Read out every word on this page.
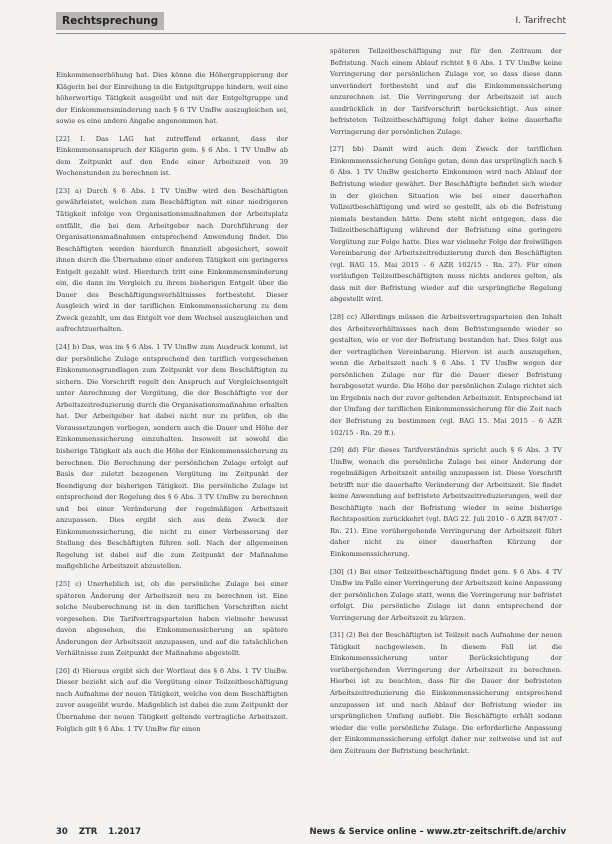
Rechtsprechung	I. Tarifrecht

Einkommenserhöhung hat. Dies könne die Höhergruppierung der Klägerin bei der Einreihung in die Entgeltgruppe hindern, weil eine höherwertige Tätigkeit ausgeübt und mit der Entgeltgruppe und der Einkommensminderung nach § 6 TV UmBw auszugleichen sei, sowie es eine andere Angabe angenommen hat.

[22] I. Das LAG hat zutreffend erkannt, dass der Einkommensanspruch der Klägerin gem. § 6 Abs. 1 TV UmBw ab dem Zeitpunkt auf den Ende einer Arbeitszeit von 39 Wochenstunden zu berechnen ist.

[23] a) Durch § 6 Abs. 1 TV UmBw wird den Beschäftigten gewährleistet, welchen zum Beschäftigten mit einer niedrigeren Tätigkeit infolge von Organisationsmaßnahmen der Arbeitsplatz entfällt, die bei dem Arbeitgeber nach Durchführung der Organisationsmaßnahmen entsprechend Anwendung findet. Die Beschäftigten werden hierdurch finanziell abgesichert, soweit ihnen durch die Übernahme einer anderen Tätigkeit ein geringeres Entgelt gezahlt wird. Hierdurch tritt eine Einkommensminderung ein, die dann im Vergleich zu ihrem bisherigen Entgelt über die Dauer des Beschäftigungsverhältnisses fortbesteht. Dieser Ausgleich wird in der tariflichen Einkommenssicherung zu dem Zweck gezahlt, um das Entgelt vor dem Wechsel auszugleichen und aufrechtzuerhalten.

[24] b) Das, was im § 6 Abs. 1 TV UmBw zum Ausdruck kommt, ist der persönliche Zulage entsprechend den tariflich vorgesehenen Einkommensgrundlagen zum Zeitpunkt vor dem Beschäftigten zu sichern. Die Vorschrift regelt den Anspruch auf Vergleichsentgelt unter Anrechnung der Vergütung, die der Beschäftigte vor der Arbeitszeitreduzierung durch die Organisationsmaßnahme erhalten hat. Der Arbeitgeber hat dabei nicht nur zu prüfen, ob die Voraussetzungen vorliegen, sondern auch die Dauer und Höhe der Einkommenssicherung einzuhalten. Insoweit ist sowohl die bisherige Tätigkeit als auch die Höhe der Einkommenssicherung zu berechnen. Die Berechnung der persönlichen Zulage erfolgt auf Basis der zuletzt bezogenen Vergütung im Zeitpunkt der Beendigung der bisherigen Tätigkeit. Die persönliche Zulage ist entsprechend der Regelung des § 6 Abs. 3 TV UmBw zu berechnen und bei einer Veränderung der regelmäßigen Arbeitszeit anzupassen. Dies ergibt sich aus dem Zweck der Einkommenssicherung, die nicht zu einer Verbesserung der Stellung des Beschäftigten führen soll. Nach der allgemeinen Regelung ist dabei auf die zum Zeitpunkt der Maßnahme maßgebliche Arbeitszeit abzustellen.

[25] c) Unerheblich ist, ob die persönliche Zulage bei einer späteren Änderung der Arbeitszeit neu zu berechnen ist. Eine solche Neuberechnung ist in den tariflichen Vorschriften nicht vorgesehen. Die Tarifvertragsparteien haben vielmehr bewusst davon abgesehen, die Einkommenssicherung an spätere Änderungen der Arbeitszeit anzupassen, und auf die tatsächlichen Verhältnisse zum Zeitpunkt der Maßnahme abgestellt.

[26] d) Hieraus ergibt sich der Wortlaut des § 6 Abs. 1 TV UmBw. Dieser bezieht sich auf die Vergütung einer Teilzeitbeschäftigung nach Aufnahme der neuen Tätigkeit, welche von dem Beschäftigten zuvor ausgeübt wurde. Maßgeblich ist dabei die zum Zeitpunkt der Übernahme der neuen Tätigkeit geltende vertragliche Arbeitszeit. Folglich gilt § 6 Abs. 1 TV UmBw für einen

späteren Teilzeitbeschäftigung nur für den Zeitraum der Befristung. Nach einem Ablauf richtet § 6 Abs. 1 TV UmBw keine Verringerung der persönlichen Zulage vor, so dass diese dann unverändert fortbesteht und auf die Einkommenssicherung anzurechnen ist. Die Verringerung der Arbeitszeit ist auch ausdrücklich in der Tarifvorschrift berücksichtigt. Aus einer befristeten Teilzeitbeschäftigung folgt daher keine dauerhafte Verringerung der persönlichen Zulage.

[27] bb) Damit wird auch dem Zweck der tariflichen Einkommenssicherung Genüge getan, denn das ursprünglich nach § 6 Abs. 1 TV UmBw gesicherte Einkommen wird nach Ablauf der Befristung wieder gewährt. Der Beschäftigte befindet sich wieder in der gleichen Situation wie bei einer dauerhaften Vollzeitbeschäftigung und wird so gestellt, als ob die Befristung niemals bestanden hätte. Dem steht nicht entgegen, dass die Teilzeitbeschäftigung während der Befristung eine geringere Vergütung zur Folge hatte. Dies war vielmehr Folge der freiwilligen Vereinbarung der Arbeitszeitreduzierung durch den Beschäftigten (vgl. BAG 15. Mai 2015 - 6 AZR 102/15 - Rn. 27). Für einen vorläufigen Teilzeitbeschäftigten muss nichts anderes gelten, als dass mit der Befristung wieder auf die ursprüngliche Regelung abgestellt wird.

[28] cc) Allerdings müssen die Arbeitsvertragsparteien den Inhalt des Arbeitsverhältnisses nach dem Befristungsende wieder so gestalten, wie er vor der Befristung bestanden hat. Dies folgt aus der vertraglichen Vereinbarung. Hiervon ist auch auszugehen, wenn die Arbeitszeit nach § 6 Abs. 1 TV UmBw wegen der persönlichen Zulage nur für die Dauer dieser Befristung herabgesetzt wurde. Die Höhe der persönlichen Zulage richtet sich im Ergebnis nach der zuvor geltenden Arbeitszeit. Entsprechend ist der Umfang der tariflichen Einkommenssicherung für die Zeit nach der Befristung zu bestimmen (vgl. BAG 15. Mai 2015 - 6 AZR 102/15 - Rn. 29 ff.).

[29] dd) Für dieses Tarifverständnis spricht auch § 6 Abs. 3 TV UmBw, wonach die persönliche Zulage bei einer Änderung der regelmäßigen Arbeitszeit anteilig anzupassen ist. Diese Vorschrift betrifft nur die dauerhafte Veränderung der Arbeitszeit. Sie findet keine Anwendung auf befristete Arbeitszeitreduzierungen, weil der Beschäftigte nach der Befristung wieder in seine bisherige Rechtsposition zurückkehrt (vgl. BAG 22. Juli 2010 - 6 AZR 847/07 - Rn. 21). Eine vorübergehende Verringerung der Arbeitszeit führt daher nicht zu einer dauerhaften Kürzung der Einkommenssicherung.

[30] (1) Bei einer Teilzeitbeschäftigung findet gem. § 6 Abs. 4 TV UmBw im Falle einer Verringerung der Arbeitszeit keine Anpassung der persönlichen Zulage statt, wenn die Verringerung nur befristet erfolgt. Die persönliche Zulage ist dann entsprechend der Verringerung der Arbeitszeit zu kürzen.

[31] (2) Bei der Beschäftigten ist Teilzeit nach Aufnahme der neuen Tätigkeit nachgewiesen. In diesem Fall ist die Einkommenssicherung unter Berücksichtigung der vorübergehenden Verringerung der Arbeitszeit zu berechnen. Hierbei ist zu beachten, dass für die Dauer der befristeten Arbeitszeitreduzierung die Einkommenssicherung entsprechend anzupassen ist und nach Ablauf der Befristung wieder im ursprünglichen Umfang auflebt. Die Beschäftigte erhält sodann wieder die volle persönliche Zulage. Die erforderliche Anpassung der Einkommenssicherung erfolgt daher nur zeitweise und ist auf den Zeitraum der Befristung beschränkt.

30 ZTR 1.2017	News & Service online – www.ztr-zeitschrift.de/archiv
